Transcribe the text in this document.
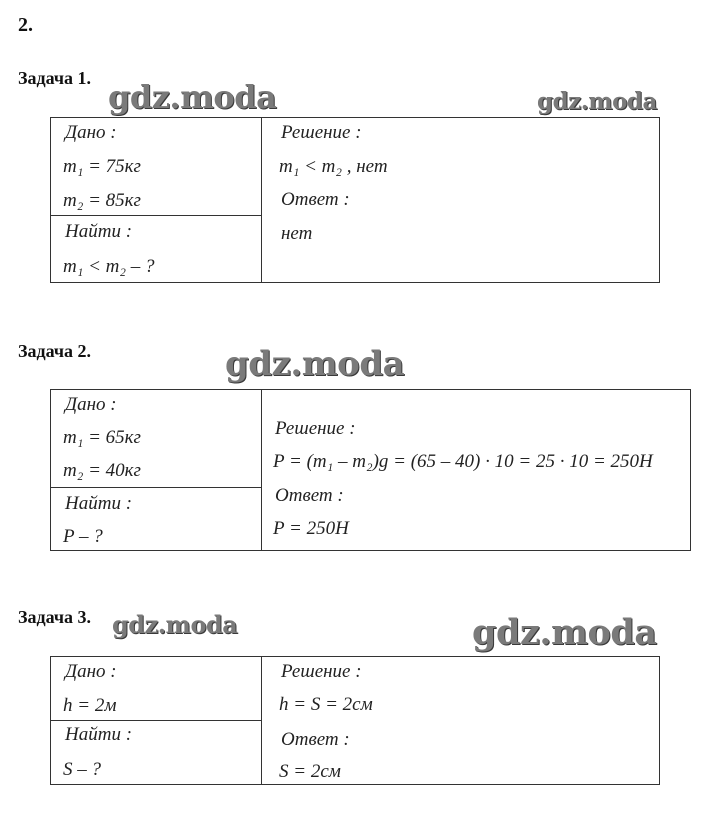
2.
Задача 1. gdz.moda	gdz.moda
Дано :
m₁ = 75кг
m₂ = 85кг
Найти :
m₁ < m₂ – ?
Решение :
m₁ < m₂ , нет
Ответ :
нет
Задача 2.	gdz.moda
Дано :
m₁ = 65кг
m₂ = 40кг
Найти :
P – ?
Решение :
P = (m₁ – m₂)g = (65 – 40) · 10 = 25 · 10 = 250H
Ответ :
P = 250H
Задача 3. gdz.moda	gdz.moda
Дано :
h = 2м
Найти :
S – ?
Решение :
h = S = 2см
Ответ :
S = 2см
